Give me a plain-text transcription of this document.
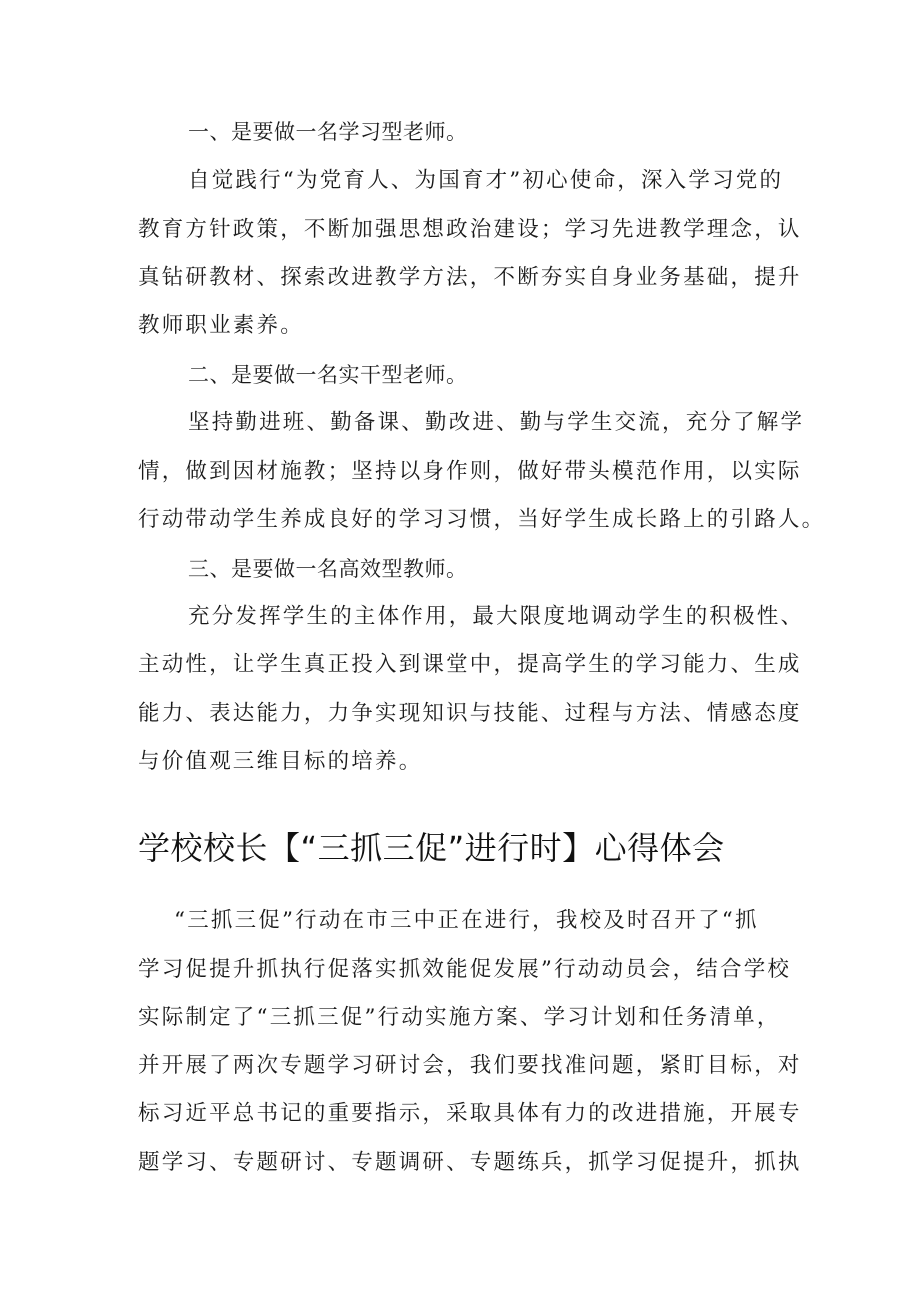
一、是要做一名学习型老师。
自觉践行“为党育人、为国育才”初心使命，深入学习党的
教育方针政策，不断加强思想政治建设；学习先进教学理念，认
真钻研教材、探索改进教学方法，不断夯实自身业务基础，提升
教师职业素养。
二、是要做一名实干型老师。
坚持勤进班、勤备课、勤改进、勤与学生交流，充分了解学
情，做到因材施教；坚持以身作则，做好带头模范作用，以实际
行动带动学生养成良好的学习习惯，当好学生成长路上的引路人。
三、是要做一名高效型教师。
充分发挥学生的主体作用，最大限度地调动学生的积极性、
主动性，让学生真正投入到课堂中，提高学生的学习能力、生成
能力、表达能力，力争实现知识与技能、过程与方法、情感态度
与价值观三维目标的培养。
学校校长【“三抓三促”进行时】心得体会
“三抓三促”行动在市三中正在进行，我校及时召开了“抓
学习促提升抓执行促落实抓效能促发展”行动动员会，结合学校
实际制定了“三抓三促”行动实施方案、学习计划和任务清单，
并开展了两次专题学习研讨会，我们要找准问题，紧盯目标，对
标习近平总书记的重要指示，采取具体有力的改进措施，开展专
题学习、专题研讨、专题调研、专题练兵，抓学习促提升，抓执
